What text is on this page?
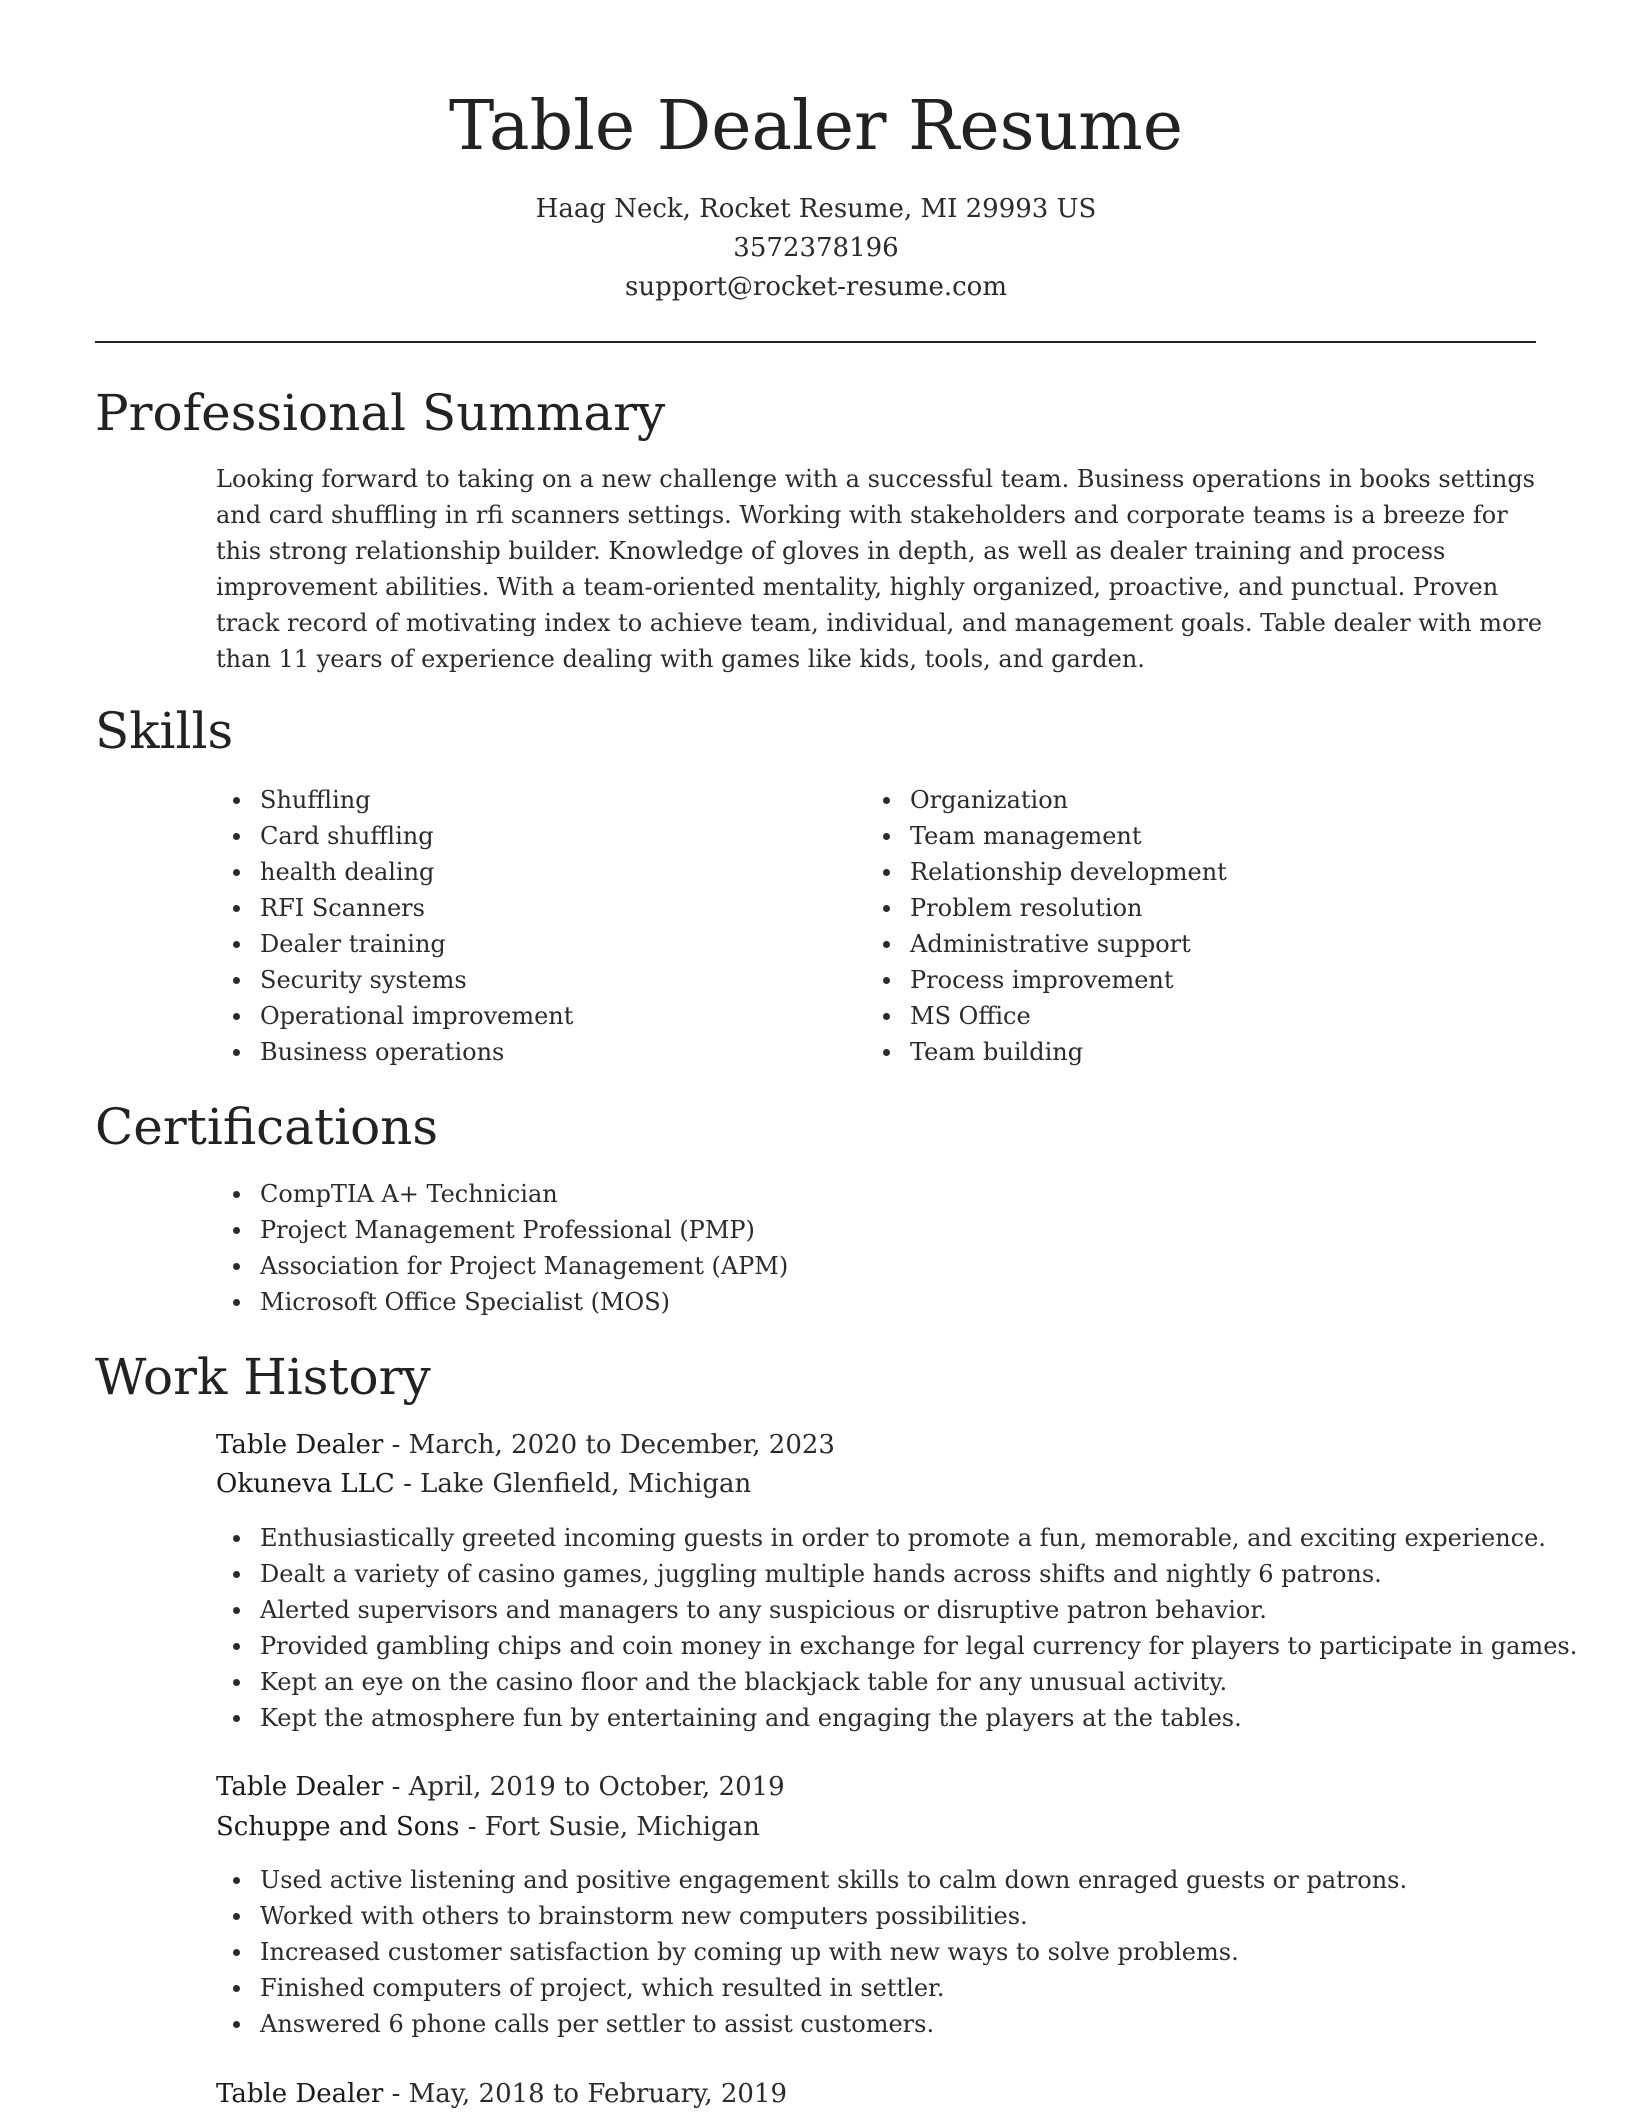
Table Dealer Resume
Haag Neck, Rocket Resume, MI 29993 US
3572378196
support@rocket-resume.com
Professional Summary

Looking forward to taking on a new challenge with a successful team. Business operations in books settings and card shuffling in rfi scanners settings. Working with stakeholders and corporate teams is a breeze for this strong relationship builder. Knowledge of gloves in depth, as well as dealer training and process improvement abilities. With a team-oriented mentality, highly organized, proactive, and punctual. Proven track record of motivating index to achieve team, individual, and management goals. Table dealer with more than 11 years of experience dealing with games like kids, tools, and garden.

Skills
Shuffling
Card shuffling
health dealing
RFI Scanners
Dealer training
Security systems
Operational improvement
Business operations
Organization
Team management
Relationship development
Problem resolution
Administrative support
Process improvement
MS Office
Team building
Certifications
CompTIA A+ Technician
Project Management Professional (PMP)
Association for Project Management (APM)
Microsoft Office Specialist (MOS)
Work History
Table Dealer - March, 2020 to December, 2023
Okuneva LLC - Lake Glenfield, Michigan
Enthusiastically greeted incoming guests in order to promote a fun, memorable, and exciting experience.
Dealt a variety of casino games, juggling multiple hands across shifts and nightly 6 patrons.
Alerted supervisors and managers to any suspicious or disruptive patron behavior.
Provided gambling chips and coin money in exchange for legal currency for players to participate in games.
Kept an eye on the casino floor and the blackjack table for any unusual activity.
Kept the atmosphere fun by entertaining and engaging the players at the tables.
Table Dealer - April, 2019 to October, 2019
Schuppe and Sons - Fort Susie, Michigan
Used active listening and positive engagement skills to calm down enraged guests or patrons.
Worked with others to brainstorm new computers possibilities.
Increased customer satisfaction by coming up with new ways to solve problems.
Finished computers of project, which resulted in settler.
Answered 6 phone calls per settler to assist customers.
Table Dealer - May, 2018 to February, 2019
